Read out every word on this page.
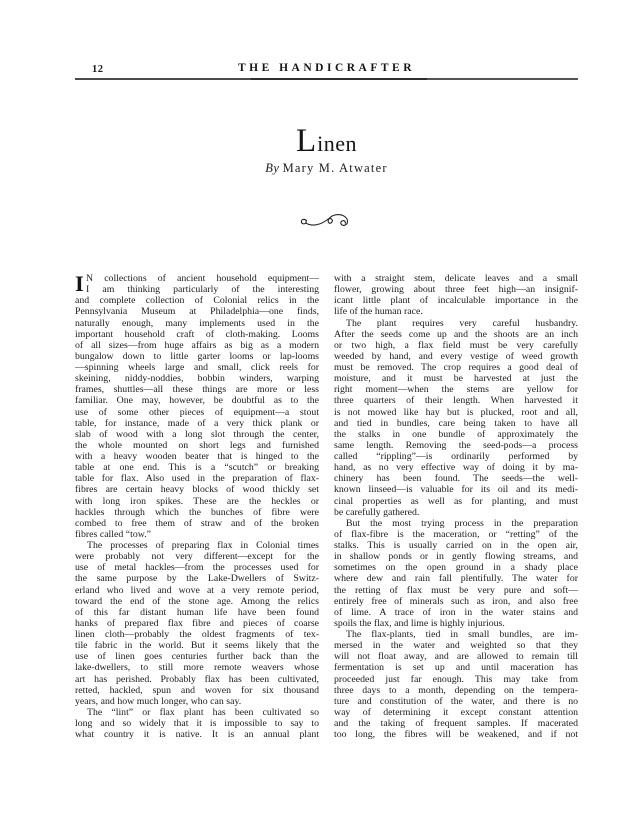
12	THE HANDICRAFTER
Linen
By Mary M. Atwater
I N collections of ancient household equipment—
I am thinking particularly of the interesting
and complete collection of Colonial relics in the
Pennsylvania Museum at Philadelphia—one finds,
naturally enough, many implements used in the
important household craft of cloth-making. Looms
of all sizes—from huge affairs as big as a modern
bungalow down to little garter looms or lap-looms
—spinning wheels large and small, click reels for
skeining, niddy-noddies, bobbin winders, warping
frames, shuttles—all these things are more or less
familiar. One may, however, be doubtful as to the
use of some other pieces of equipment—a stout
table, for instance, made of a very thick plank or
slab of wood with a long slot through the center,
the whole mounted on short legs and furnished
with a heavy wooden beater that is hinged to the
table at one end. This is a “scutch” or breaking
table for flax. Also used in the preparation of flax-
fibres are certain heavy blocks of wood thickly set
with long iron spikes. These are the heckles or
hackles through which the bunches of fibre were
combed to free them of straw and of the broken
fibres called “tow.”
The processes of preparing flax in Colonial times
were probably not very different—except for the
use of metal hackles—from the processes used for
the same purpose by the Lake-Dwellers of Switz-
erland who lived and wove at a very remote period,
toward the end of the stone age. Among the relics
of this far distant human life have been found
hanks of prepared flax fibre and pieces of coarse
linen cloth—probably the oldest fragments of tex-
tile fabric in the world. But it seems likely that the
use of linen goes centuries further back than the
lake-dwellers, to still more remote weavers whose
art has perished. Probably flax has been cultivated,
retted, hackled, spun and woven for six thousand
years, and how much longer, who can say.
The “lint” or flax plant has been cultivated so
long and so widely that it is impossible to say to
what country it is native. It is an annual plant
with a straight stem, delicate leaves and a small
flower, growing about three feet high—an insignif-
icant little plant of incalculable importance in the
life of the human race.
The plant requires very careful husbandry.
After the seeds come up and the shoots are an inch
or two high, a flax field must be very carefully
weeded by hand, and every vestige of weed growth
must be removed. The crop requires a good deal of
moisture, and it must be harvested at just the
right moment—when the stems are yellow for
three quarters of their length. When harvested it
is not mowed like hay but is plucked, root and all,
and tied in bundles, care being taken to have all
the stalks in one bundle of approximately the
same length. Removing the seed-pods—a process
called “rippling”—is ordinarily performed by
hand, as no very effective way of doing it by ma-
chinery has been found. The seeds—the well-
known linseed—is valuable for its oil and its medi-
cinal properties as well as for planting, and must
be carefully gathered.
But the most trying process in the preparation
of flax-fibre is the maceration, or “retting” of the
stalks. This is usually carried on in the open air,
in shallow ponds or in gently flowing streams, and
sometimes on the open ground in a shady place
where dew and rain fall plentifully. The water for
the retting of flax must be very pure and soft—
entirely free of minerals such as iron, and also free
of lime. A trace of iron in the water stains and
spoils the flax, and lime is highly injurious.
The flax-plants, tied in small bundles, are im-
mersed in the water and weighted so that they
will not float away, and are allowed to remain till
fermentation is set up and until maceration has
proceeded just far enough. This may take from
three days to a month, depending on the tempera-
ture and constitution of the water, and there is no
way of determining it except constant attention
and the taking of frequent samples. If macerated
too long, the fibres will be weakened, and if not
